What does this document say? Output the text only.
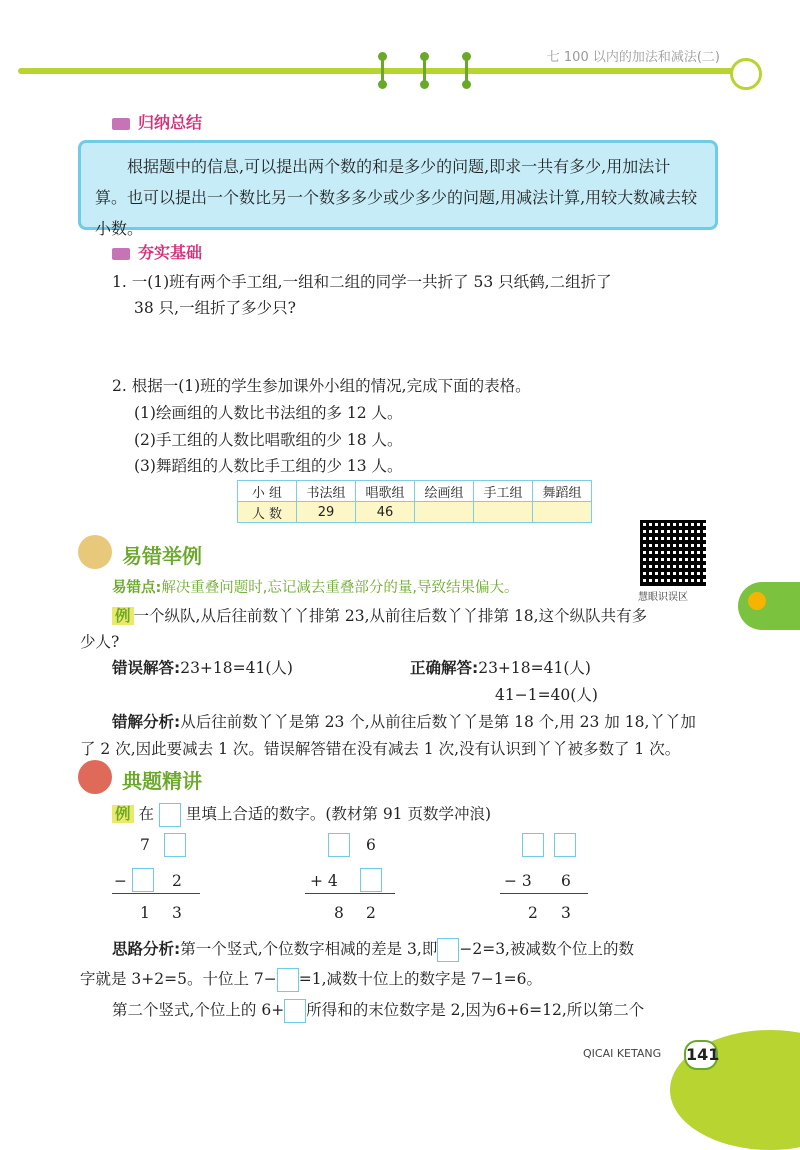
七 100 以内的加法和减法(二)
归纳总结
根据题中的信息,可以提出两个数的和是多少的问题,即求一共有多少,用加法计算。也可以提出一个数比另一个数多多少或少多少的问题,用减法计算,用较大数减去较小数。
夯实基础
1. 一(1)班有两个手工组,一组和二组的同学一共折了 53 只纸鹤,二组折了
38 只,一组折了多少只?
2. 根据一(1)班的学生参加课外小组的情况,完成下面的表格。
(1)绘画组的人数比书法组的多 12 人。
(2)手工组的人数比唱歌组的少 18 人。
(3)舞蹈组的人数比手工组的少 13 人。
小 组	书法组	唱歌组	绘画组	手工组	舞蹈组
人 数	29	46			
慧眼识误区
易错举例
易错点:解决重叠问题时,忘记减去重叠部分的量,导致结果偏大。
例 一个纵队,从后往前数丫丫排第 23,从前往后数丫丫排第 18,这个纵队共有多
少人?
错误解答:23+18=41(人)	正确解答:23+18=41(人)
41−1=40(人)
错解分析:从后往前数丫丫是第 23 个,从前往后数丫丫是第 18 个,用 23 加 18,丫丫加
了 2 次,因此要减去 1 次。错误解答错在没有减去 1 次,没有认识到丫丫被多数了 1 次。
典题精讲
例 在 里填上合适的数字。(教材第 91 页数学冲浪)
7
−	2
1 3
6
+ 4
8 2
− 3 6
2 3
思路分析:第一个竖式,个位数字相减的差是 3,即 −2=3,被减数个位上的数
字就是 3+2=5。十位上 7− =1,减数十位上的数字是 7−1=6。
第二个竖式,个位上的 6+ 所得和的末位数字是 2,因为6+6=12,所以第二个
QICAI KETANG 141
